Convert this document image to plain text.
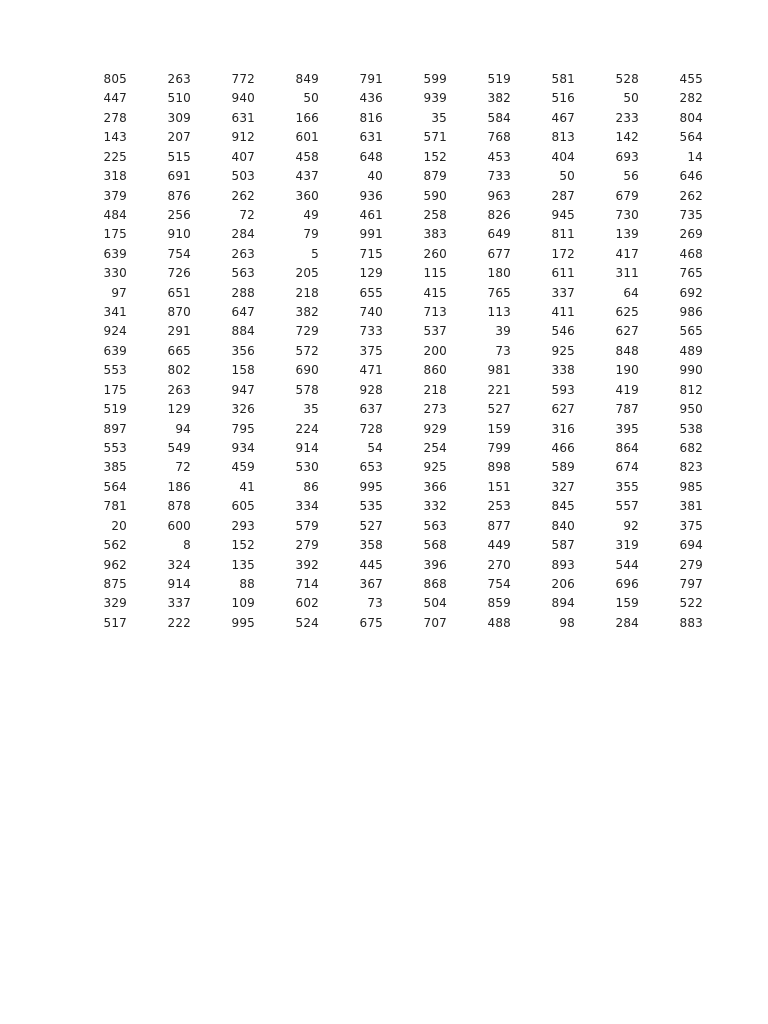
805	263	772	849	791	599	519	581	528	455
447	510	940	50	436	939	382	516	50	282
278	309	631	166	816	35	584	467	233	804
143	207	912	601	631	571	768	813	142	564
225	515	407	458	648	152	453	404	693	14
318	691	503	437	40	879	733	50	56	646
379	876	262	360	936	590	963	287	679	262
484	256	72	49	461	258	826	945	730	735
175	910	284	79	991	383	649	811	139	269
639	754	263	5	715	260	677	172	417	468
330	726	563	205	129	115	180	611	311	765
97	651	288	218	655	415	765	337	64	692
341	870	647	382	740	713	113	411	625	986
924	291	884	729	733	537	39	546	627	565
639	665	356	572	375	200	73	925	848	489
553	802	158	690	471	860	981	338	190	990
175	263	947	578	928	218	221	593	419	812
519	129	326	35	637	273	527	627	787	950
897	94	795	224	728	929	159	316	395	538
553	549	934	914	54	254	799	466	864	682
385	72	459	530	653	925	898	589	674	823
564	186	41	86	995	366	151	327	355	985
781	878	605	334	535	332	253	845	557	381
20	600	293	579	527	563	877	840	92	375
562	8	152	279	358	568	449	587	319	694
962	324	135	392	445	396	270	893	544	279
875	914	88	714	367	868	754	206	696	797
329	337	109	602	73	504	859	894	159	522
517	222	995	524	675	707	488	98	284	883
